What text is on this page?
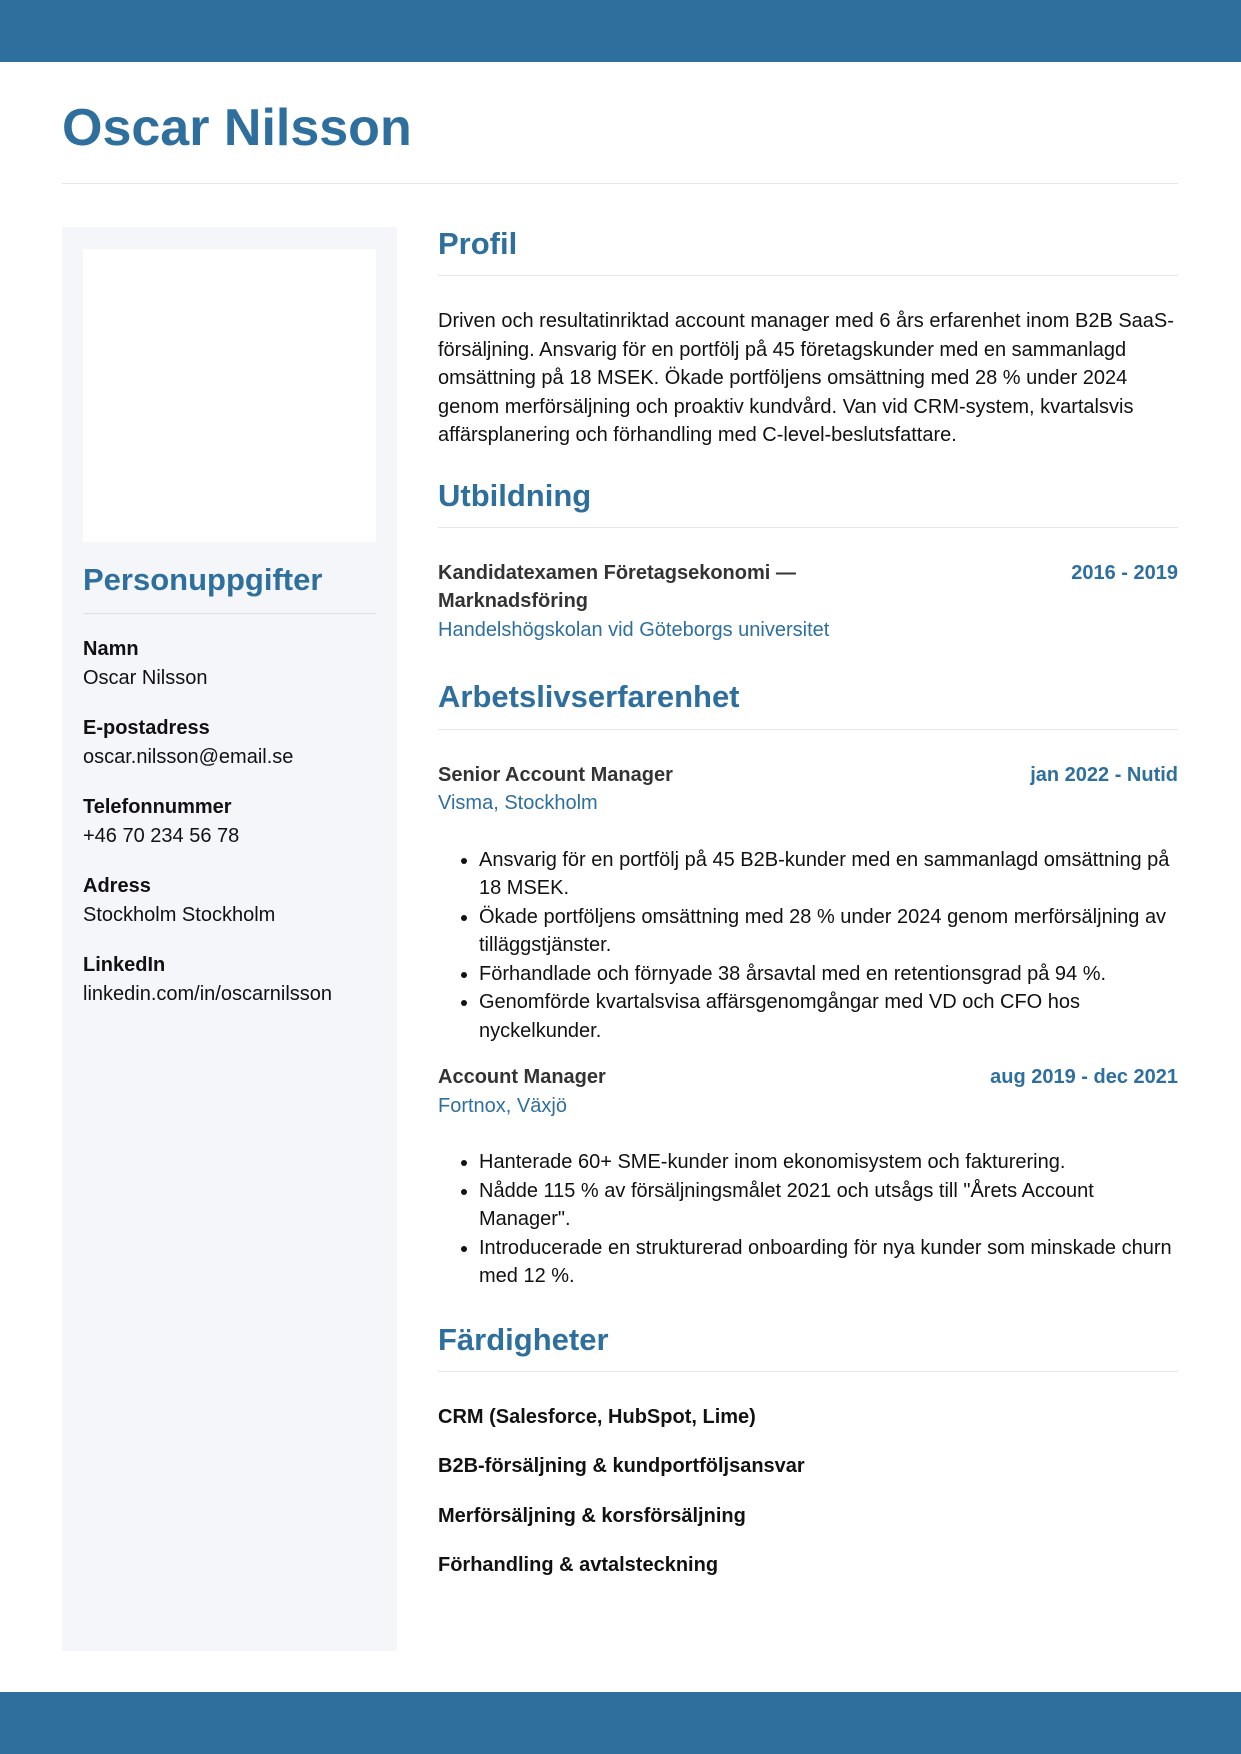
Oscar Nilsson
Personuppgifter
Namn
Oscar Nilsson
E-postadress
oscar.nilsson@email.se
Telefonnummer
+46 70 234 56 78
Adress
Stockholm Stockholm
LinkedIn
linkedin.com/in/oscarnilsson
Profil

Driven och resultatinriktad account manager med 6 års erfarenhet inom B2B SaaS-försäljning. Ansvarig för en portfölj på 45 företagskunder med en sammanlagd omsättning på 18 MSEK. Ökade portföljens omsättning med 28 % under 2024 genom merförsäljning och proaktiv kundvård. Van vid CRM-system, kvartalsvis affärsplanering och förhandling med C-level-beslutsfattare.

Utbildning
Kandidatexamen Företagsekonomi — Marknadsföring
2016 - 2019
Handelshögskolan vid Göteborgs universitet
Arbetslivserfarenhet
Senior Account Manager	jan 2022 - Nutid
Visma, Stockholm
• Ansvarig för en portfölj på 45 B2B-kunder med en sammanlagd omsättning på 18 MSEK.
• Ökade portföljens omsättning med 28 % under 2024 genom merförsäljning av tilläggstjänster.
• Förhandlade och förnyade 38 årsavtal med en retentionsgrad på 94 %.
• Genomförde kvartalsvisa affärsgenomgångar med VD och CFO hos nyckelkunder.
Account Manager	aug 2019 - dec 2021
Fortnox, Växjö
• Hanterade 60+ SME-kunder inom ekonomisystem och fakturering.
• Nådde 115 % av försäljningsmålet 2021 och utsågs till "Årets Account Manager".
• Introducerade en strukturerad onboarding för nya kunder som minskade churn med 12 %.
Färdigheter
CRM (Salesforce, HubSpot, Lime)
B2B-försäljning & kundportföljsansvar
Merförsäljning & korsförsäljning
Förhandling & avtalsteckning
